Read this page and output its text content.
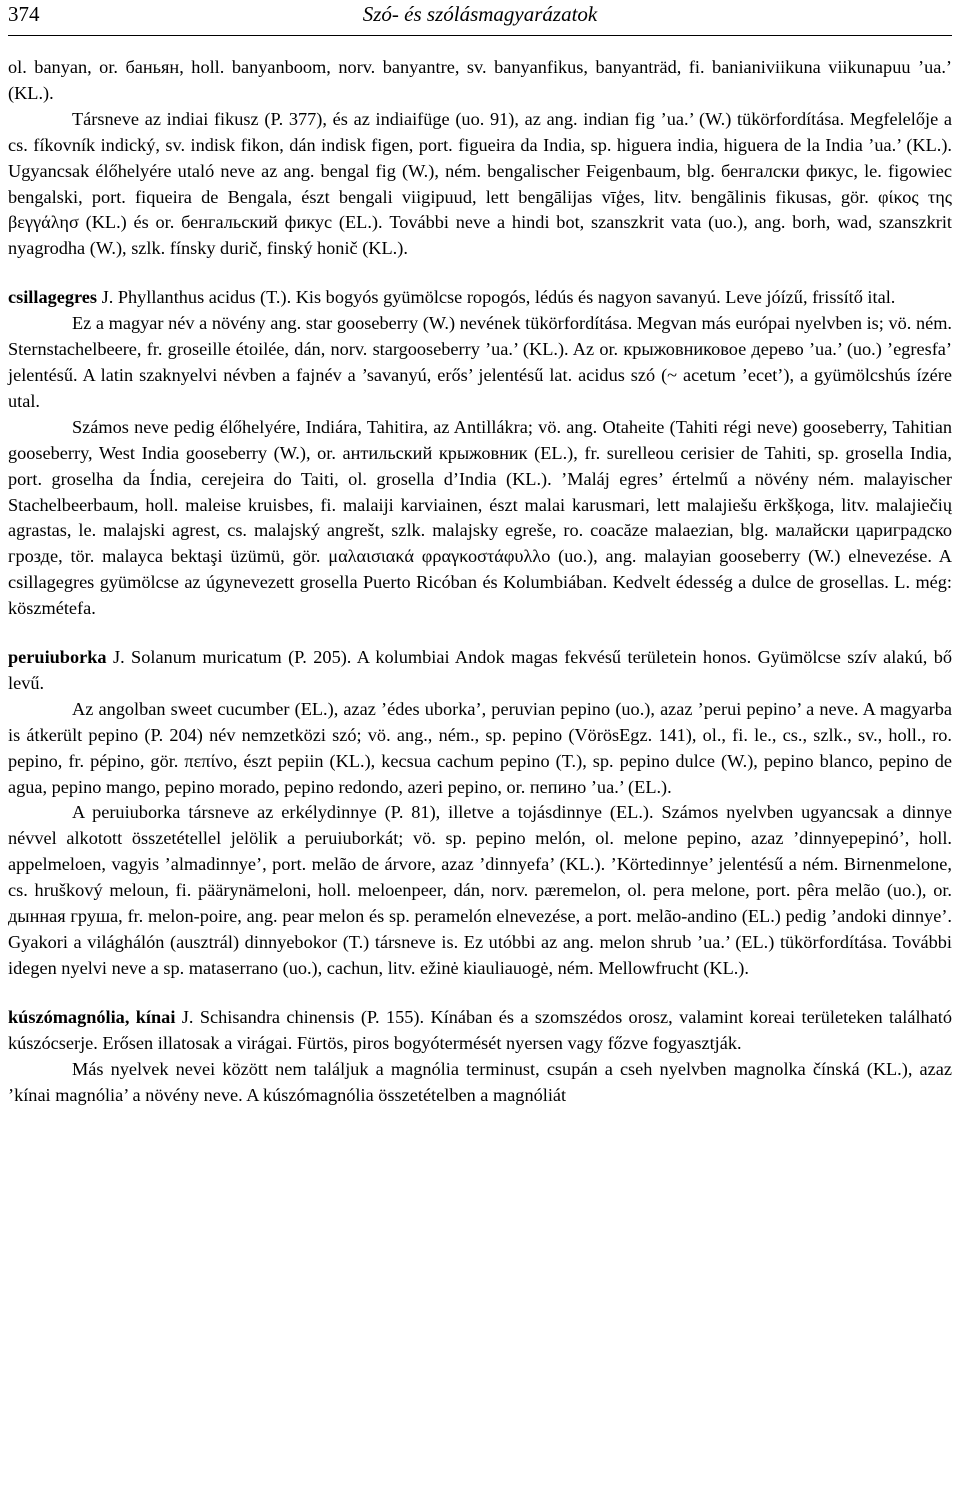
374	Szó- és szólásmagyarázatok

ol. banyan, or. баньян, holl. banyanboom, norv. banyantre, sv. banyanfikus, banyanträd, fi. banianiviikuna viikunapuu ’ua.’ (KL.).

Társneve az indiai fikusz (P. 377), és az indiaifüge (uo. 91), az ang. indian fig ’ua.’ (W.) tükörfordítása. Megfelelője a cs. fíkovník indický, sv. indisk fikon, dán indisk figen, port. figueira da India, sp. higuera india, higuera de la India ’ua.’ (KL.). Ugyancsak élőhelyére utaló neve az ang. bengal fig (W.), ném. bengalischer Feigenbaum, blg. бенгалски фикус, le. figowiec bengalski, port. fiqueira de Bengala, észt bengali viigipuud, lett bengālijas vīģes, litv. bengãlinis fikusas, gör. φίκος της βεγγάλησ (KL.) és or. бенгальский фикус (EL.). További neve a hindi bot, szanszkrit vata (uo.), ang. borh, wad, szanszkrit nyagrodha (W.), szlk. fínsky durič, finský honič (KL.).

csillagegres J. Phyllanthus acidus (T.). Kis bogyós gyümölcse ropogós, lédús és nagyon savanyú. Leve jóízű, frissítő ital.

Ez a magyar név a növény ang. star gooseberry (W.) nevének tükörfordítása. Megvan más európai nyelvben is; vö. ném. Sternstachelbeere, fr. groseille étoilée, dán, norv. stargooseberry ’ua.’ (KL.). Az or. крыжовниковое дерево ’ua.’ (uo.) ’egresfa’ jelentésű. A latin szaknyelvi névben a fajnév a ’savanyú, erős’ jelentésű lat. acidus szó (~ acetum ’ecet’), a gyümölcshús ízére utal.

Számos neve pedig élőhelyére, Indiára, Tahitira, az Antillákra; vö. ang. Otaheite (Tahiti régi neve) gooseberry, Tahitian gooseberry, West India gooseberry (W.), or. антильский крыжовник (EL.), fr. surelleou cerisier de Tahiti, sp. grosella India, port. groselha da Índia, cerejeira do Taiti, ol. grosella d’India (KL.). ’Maláj egres’ értelmű a növény ném. malayischer Stachelbeerbaum, holl. maleise kruisbes, fi. malaiji karviainen, észt malai karusmari, lett malajiešu ērkšķoga, litv. malajiečių agrastas, le. malajski agrest, cs. malajský angrešt, szlk. malajsky egreše, ro. coacăze malaezian, blg. малайски цариградско грозде, tör. malayca bektaşi üzümü, gör. μαλαισιακά φραγκοστάφυλλο (uo.), ang. malayian gooseberry (W.) elnevezése. A csillagegres gyümölcse az úgynevezett grosella Puerto Ricóban és Kolumbiában. Kedvelt édesség a dulce de grosellas. L. még: köszmétefa.

peruiuborka J. Solanum muricatum (P. 205). A kolumbiai Andok magas fekvésű területein honos. Gyümölcse szív alakú, bő levű.

Az angolban sweet cucumber (EL.), azaz ’édes uborka’, peruvian pepino (uo.), azaz ’perui pepino’ a neve. A magyarba is átkerült pepino (P. 204) név nemzetközi szó; vö. ang., ném., sp. pepino (VörösEgz. 141), ol., fi. le., cs., szlk., sv., holl., ro. pepino, fr. pépino, gör. πεπίνο, észt pepiin (KL.), kecsua cachum pepino (T.), sp. pepino dulce (W.), pepino blanco, pepino de agua, pepino mango, pepino morado, pepino redondo, azeri pepino, or. пепино ’ua.’ (EL.).

A peruiuborka társneve az erkélydinnye (P. 81), illetve a tojásdinnye (EL.). Számos nyelvben ugyancsak a dinnye névvel alkotott összetétellel jelölik a peruiuborkát; vö. sp. pepino melón, ol. melone pepino, azaz ’dinnyepepinó’, holl. appelmeloen, vagyis ’almadinnye’, port. melão de árvore, azaz ’dinnyefa’ (KL.). ’Körtedinnye’ jelentésű a ném. Birnenmelone, cs. hruškový meloun, fi. päärynämeloni, holl. meloenpeer, dán, norv. pæremelon, ol. pera melone, port. pêra melão (uo.), or. дынная груша, fr. melon-poire, ang. pear melon és sp. peramelón elnevezése, a port. melão-andino (EL.) pedig ’andoki dinnye’. Gyakori a világhálón (ausztrál) dinnyebokor (T.) társneve is. Ez utóbbi az ang. melon shrub ’ua.’ (EL.) tükörfordítása. További idegen nyelvi neve a sp. mataserrano (uo.), cachun, litv. ežinė kiauliauogė, ném. Mellowfrucht (KL.).

kúszómagnólia, kínai J. Schisandra chinensis (P. 155). Kínában és a szomszédos orosz, valamint koreai területeken található kúszócserje. Erősen illatosak a virágai. Fürtös, piros bogyótermését nyersen vagy főzve fogyasztják.

Más nyelvek nevei között nem találjuk a magnólia terminust, csupán a cseh nyelvben magnolka čínská (KL.), azaz ’kínai magnólia’ a növény neve. A kúszómagnólia összetételben a magnóliát
